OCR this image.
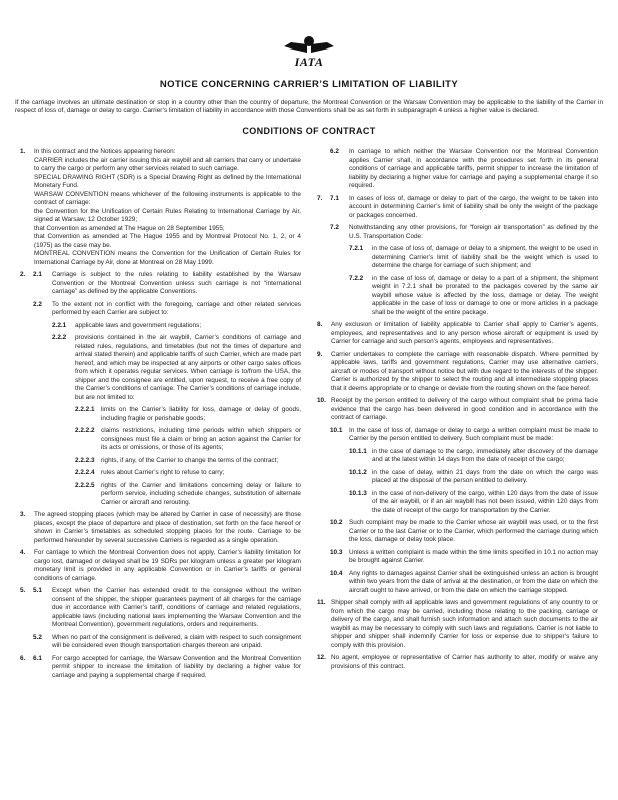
IATA
NOTICE CONCERNING CARRIER’S LIMITATION OF LIABILITY
If the carriage involves an ultimate destination or stop in a country other than the country of departure, the Montreal Convention or the Warsaw Convention may be applicable to the liability of the Carrier in respect of loss of, damage or delay to cargo. Carrier’s limitation of liability in accordance with those Conventions shall be as set forth in subparagraph 4 unless a higher value is declared.
CONDITIONS OF CONTRACT
1. In this contract and the Notices appearing hereon:
CARRIER includes the air carrier issuing this air waybill and all carriers that carry or undertake to carry the cargo or perform any other services related to such carriage.
SPECIAL DRAWING RIGHT (SDR) is a Special Drawing Right as defined by the International Monetary Fund.
WARSAW CONVENTION means whichever of the following instruments is applicable to the contract of carriage:
the Convention for the Unification of Certain Rules Relating to International Carriage by Air, signed at Warsaw, 12 October 1929;
that Convention as amended at The Hague on 28 September 1955;
that Convention as amended at The Hague 1955 and by Montreal Protocol No. 1, 2, or 4 (1975) as the case may be.
MONTREAL CONVENTION means the Convention for the Unification of Certain Rules for International Carriage by Air, done at Montreal on 28 May 1999.
2. 2.1 Carriage is subject to the rules relating to liability established by the Warsaw Convention or the Montreal Convention unless such carriage is not “international carriage” as defined by the applicable Conventions.
2.2 To the extent not in conflict with the foregoing, carriage and other related services performed by each Carrier are subject to:
2.2.1 applicable laws and government regulations;
2.2.2 provisions contained in the air waybill, Carrier’s conditions of carriage and related rules, regulations, and timetables (but not the times of departure and arrival stated therein) and applicable tariffs of such Carrier, which are made part hereof, and which may be inspected at any airports or other cargo sales offices from which it operates regular services. When carriage is to/from the USA, the shipper and the consignee are entitled, upon request, to receive a free copy of the Carrier’s conditions of carriage. The Carrier’s conditions of carriage include, but are not limited to:
2.2.2.1 limits on the Carrier’s liability for loss, damage or delay of goods, including fragile or perishable goods;
2.2.2.2 claims restrictions, including time periods within which shippers or consignees must file a claim or bring an action against the Carrier for its acts or omissions, or those of its agents;
2.2.2.3 rights, if any, of the Carrier to change the terms of the contract;
2.2.2.4 rules about Carrier’s right to refuse to carry;
2.2.2.5 rights of the Carrier and limitations concerning delay or failure to perform service, including schedule changes, substitution of alternate Carrier or aircraft and rerouting.
3. The agreed stopping places (which may be altered by Carrier in case of necessity) are those places, except the place of departure and place of destination, set forth on the face hereof or shown in Carrier’s timetables as scheduled stopping places for the route. Carriage to be performed hereunder by several successive Carriers is regarded as a single operation.
4. For carriage to which the Montreal Convention does not apply, Carrier’s liability limitation for cargo lost, damaged or delayed shall be 19 SDRs per kilogram unless a greater per kilogram monetary limit is provided in any applicable Convention or in Carrier’s tariffs or general conditions of carriage.
5. 5.1 Except when the Carrier has extended credit to the consignee without the written consent of the shipper, the shipper guarantees payment of all charges for the carriage due in accordance with Carrier’s tariff, conditions of carriage and related regulations, applicable laws (including national laws implementing the Warsaw Convention and the Montreal Convention), government regulations, orders and requirements.
5.2 When no part of the consignment is delivered, a claim with respect to such consignment will be considered even though transportation charges thereon are unpaid.
6. 6.1 For cargo accepted for carriage, the Warsaw Convention and the Montreal Convention permit shipper to increase the limitation of liability by declaring a higher value for carriage and paying a supplemental charge if required.
6.2 In carriage to which neither the Warsaw Convention nor the Montreal Convention applies Carrier shall, in accordance with the procedures set forth in its general conditions of carriage and applicable tariffs, permit shipper to increase the limitation of liability by declaring a higher value for carriage and paying a supplemental charge if so required.
7. 7.1 In cases of loss of, damage or delay to part of the cargo, the weight to be taken into account in determining Carrier’s limit of liability shall be only the weight of the package or packages concerned.
7.2 Notwithstanding any other provisions, for “foreign air transportation” as defined by the U.S. Transportation Code:
7.2.1 in the case of loss of, damage or delay to a shipment, the weight to be used in determining Carrier’s limit of liability shall be the weight which is used to determine the charge for carriage of such shipment; and
7.2.2 in the case of loss of, damage or delay to a part of a shipment, the shipment weight in 7.2.1 shall be prorated to the packages covered by the same air waybill whose value is affected by the loss, damage or delay. The weight applicable in the case of loss or damage to one or more articles in a package shall be the weight of the entire package.
8. Any exclusion or limitation of liability applicable to Carrier shall apply to Carrier’s agents, employees, and representatives and to any person whose aircraft or equipment is used by Carrier for carriage and such person’s agents, employees and representatives.
9. Carrier undertakes to complete the carriage with reasonable dispatch. Where permitted by applicable laws, tariffs and government regulations, Carrier may use alternative carriers, aircraft or modes of transport without notice but with due regard to the interests of the shipper. Carrier is authorized by the shipper to select the routing and all intermediate stopping places that it deems appropriate or to change or deviate from the routing shown on the face hereof.
10. Receipt by the person entitled to delivery of the cargo without complaint shall be prima facie evidence that the cargo has been delivered in good condition and in accordance with the contract of carriage.
10.1 In the case of loss of, damage or delay to cargo a written complaint must be made to Carrier by the person entitled to delivery. Such complaint must be made:
10.1.1 in the case of damage to the cargo, immediately after discovery of the damage and at the latest within 14 days from the date of receipt of the cargo;
10.1.2 in the case of delay, within 21 days from the date on which the cargo was placed at the disposal of the person entitled to delivery.
10.1.3 in the case of non-delivery of the cargo, within 120 days from the date of issue of the air waybill, or if an air waybill has not been issued, within 120 days from the date of receipt of the cargo for transportation by the Carrier.
10.2 Such complaint may be made to the Carrier whose air waybill was used, or to the first Carrier or to the last Carrier or to the Carrier, which performed the carriage during which the loss, damage or delay took place.
10.3 Unless a written complaint is made within the time limits specified in 10.1 no action may be brought against Carrier.
10.4 Any rights to damages against Carrier shall be extinguished unless an action is brought within two years from the date of arrival at the destination, or from the date on which the aircraft ought to have arrived, or from the date on which the carriage stopped.
11. Shipper shall comply with all applicable laws and government regulations of any country to or from which the cargo may be carried, including those relating to the packing, carriage or delivery of the cargo, and shall furnish such information and attach such documents to the air waybill as may be necessary to comply with such laws and regulations. Carrier is not liable to shipper and shipper shall indemnify Carrier for loss or expense due to shipper’s failure to comply with this provision.
12. No agent, employee or representative of Carrier has authority to alter, modify or waive any provisions of this contract.
